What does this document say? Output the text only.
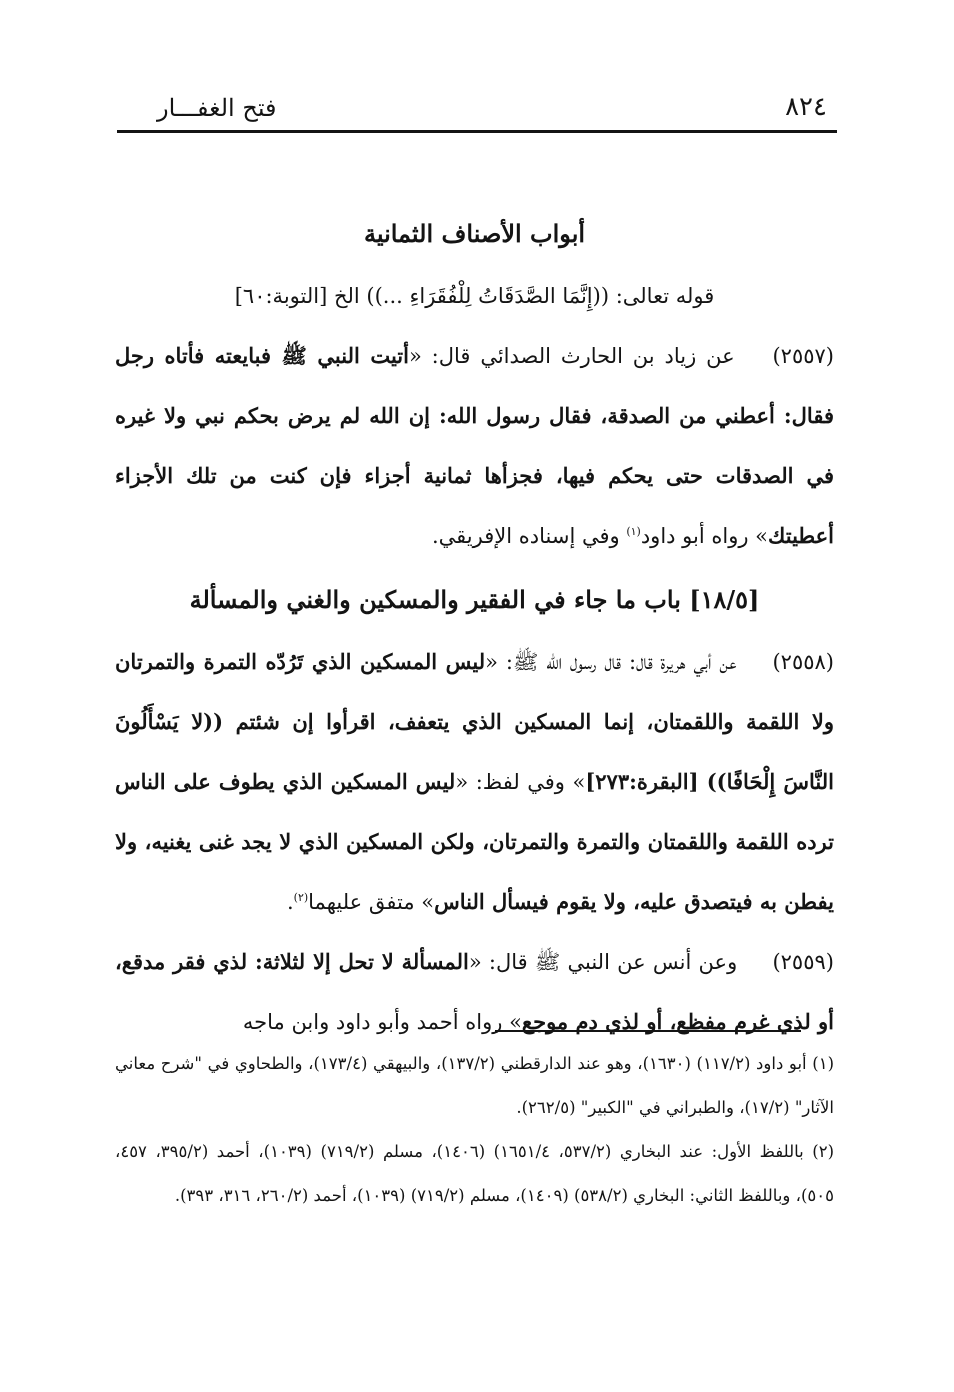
٨٢٤
فتح الغفـــار
أبواب الأصناف الثمانية
قوله تعالى: ((إِنَّمَا الصَّدَقَاتُ لِلْفُقَرَاءِ ...)) الخ [التوبة:٦٠]

(٢٥٥٧) عن زياد بن الحارث الصدائي قال: «أتيت النبي ﷺ فبايعته فأتاه رجل فقال: أعطني من الصدقة، فقال رسول الله: إن الله لم يرض بحكم نبي ولا غيره في الصدقات حتى يحكم فيها، فجزأها ثمانية أجزاء فإن كنت من تلك الأجزاء أعطيتك» رواه أبو داود$^{(١)}$ وفي إسناده الإفريقي.

[١٨/٥] باب ما جاء في الفقير والمسكين والغني والمسألة

(٢٥٥٨) عن أبي هريرة قال: قال رسول الله ﷺ: «ليس المسكين الذي تَرُدّه التمرة والتمرتان ولا اللقمة واللقمتان، إنما المسكين الذي يتعفف، اقرأوا إن شئتم ((لا يَسْأَلُونَ النَّاسَ إِلْحَافًا)) [البقرة:٢٧٣]» وفي لفظ: «ليس المسكين الذي يطوف على الناس ترده اللقمة واللقمتان والتمرة والتمرتان، ولكن المسكين الذي لا يجد غنى يغنيه، ولا يفطن به فيتصدق عليه، ولا يقوم فيسأل الناس» متفق عليهما$^{(٢)}$.

(٢٥٥٩) وعن أنس عن النبي ﷺ قال: «المسألة لا تحل إلا لثلاثة: لذي فقر مدقع، أو لذي غرم مفظع، أو لذي دم موجع» رواه أحمد وأبو داود وابن ماجه

(١) أبو داود (١١٧/٢) (١٦٣٠)، وهو عند الدارقطني (١٣٧/٢)، والبيهقي (١٧٣/٤)، والطحاوي في "شرح معاني الآثار" (١٧/٢)، والطبراني في "الكبير" (٢٦٢/٥).

(٢) باللفظ الأول: عند البخاري (٥٣٧/٢، ١٦٥١/٤) (١٤٠٦)، مسلم (٧١٩/٢) (١٠٣٩)، أحمد (٣٩٥/٢، ٤٥٧، ٥٠٥)، وباللفظ الثاني: البخاري (٥٣٨/٢) (١٤٠٩)، مسلم (٧١٩/٢) (١٠٣٩)، أحمد (٢٦٠/٢، ٣١٦، ٣٩٣).
